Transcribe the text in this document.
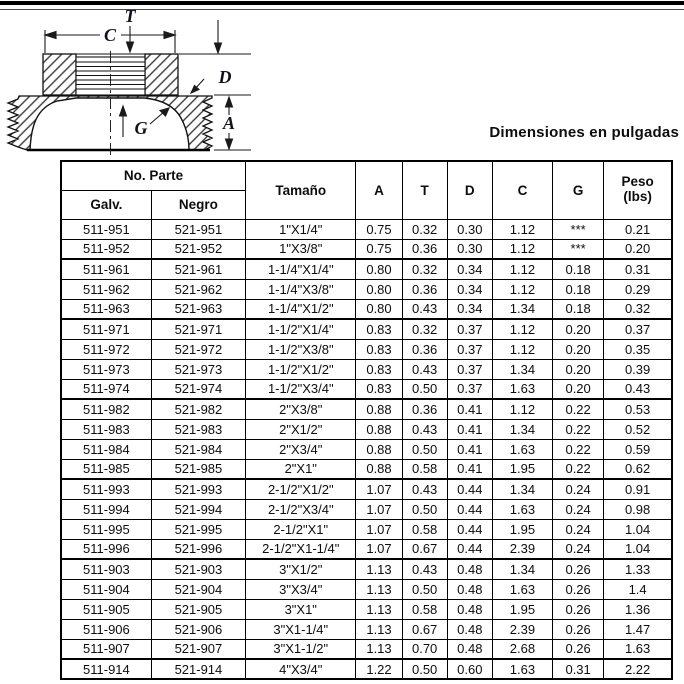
T
C
D
G	A	Dimensiones en pulgadas
No. Parte		Tamaño	A	T	D	C	G	Peso
(lbs)

Galv.	Negro							
511-951	521-951	1"X1/4"	0.75	0.32	0.30	1.12	***	0.21
511-952	521-952	1"X3/8"	0.75	0.36	0.30	1.12	***	0.20
511-961	521-961	1-1/4"X1/4"	0.80	0.32	0.34	1.12	0.18	0.31
511-962	521-962	1-1/4"X3/8"	0.80	0.36	0.34	1.12	0.18	0.29
511-963	521-963	1-1/4"X1/2"	0.80	0.43	0.34	1.34	0.18	0.32
511-971	521-971	1-1/2"X1/4"	0.83	0.32	0.37	1.12	0.20	0.37
511-972	521-972	1-1/2"X3/8"	0.83	0.36	0.37	1.12	0.20	0.35
511-973	521-973	1-1/2"X1/2"	0.83	0.43	0.37	1.34	0.20	0.39
511-974	521-974	1-1/2"X3/4"	0.83	0.50	0.37	1.63	0.20	0.43
511-982	521-982	2"X3/8"	0.88	0.36	0.41	1.12	0.22	0.53
511-983	521-983	2"X1/2"	0.88	0.43	0.41	1.34	0.22	0.52
511-984	521-984	2"X3/4"	0.88	0.50	0.41	1.63	0.22	0.59
511-985	521-985	2"X1"	0.88	0.58	0.41	1.95	0.22	0.62
511-993	521-993	2-1/2"X1/2"	1.07	0.43	0.44	1.34	0.24	0.91
511-994	521-994	2-1/2"X3/4"	1.07	0.50	0.44	1.63	0.24	0.98
511-995	521-995	2-1/2"X1"	1.07	0.58	0.44	1.95	0.24	1.04
511-996	521-996	2-1/2"X1-1/4"	1.07	0.67	0.44	2.39	0.24	1.04
511-903	521-903	3"X1/2"	1.13	0.43	0.48	1.34	0.26	1.33
511-904	521-904	3"X3/4"	1.13	0.50	0.48	1.63	0.26	1.4
511-905	521-905	3"X1"	1.13	0.58	0.48	1.95	0.26	1.36
511-906	521-906	3"X1-1/4"	1.13	0.67	0.48	2.39	0.26	1.47
511-907	521-907	3"X1-1/2"	1.13	0.70	0.48	2.68	0.26	1.63
511-914	521-914	4"X3/4"	1.22	0.50	0.60	1.63	0.31	2.22
